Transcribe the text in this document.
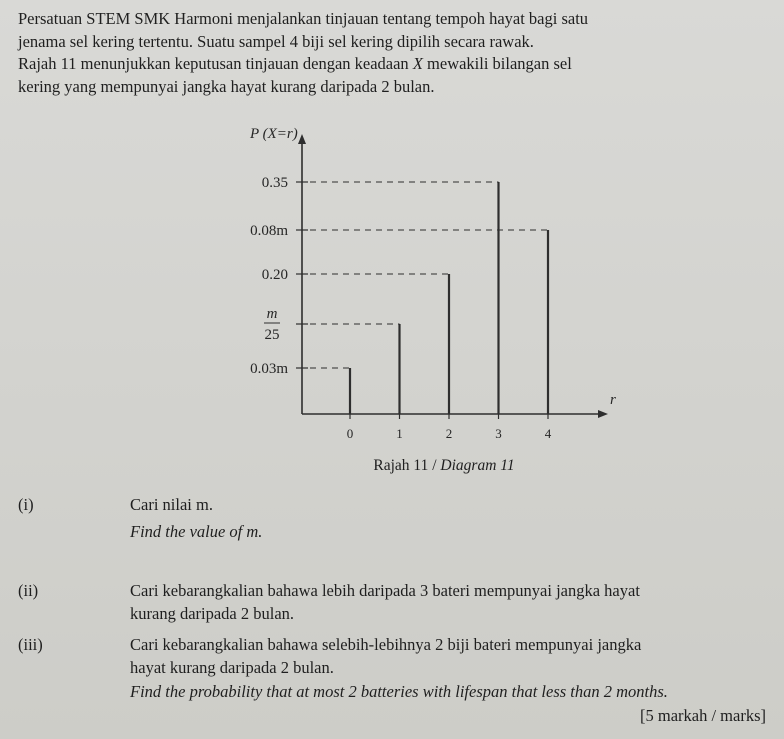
Persatuan STEM SMK Harmoni menjalankan tinjauan tentang tempoh hayat bagi satu

jenama sel kering tertentu. Suatu sampel 4 biji sel kering dipilih secara rawak.

Rajah 11 menunjukkan keputusan tinjauan dengan keadaan X mewakili bilangan sel

kering yang mempunyai jangka hayat kurang daripada 2 bulan.

P (X=r)
0.03m
m
25
0.20
0.08m
0.35
0	1	2	3	4
r
Rajah 11 / Diagram 11
(i)	Cari nilai m.
Find the value of m.
(ii)	Cari kebarangkalian bahawa lebih daripada 3 bateri mempunyai jangka hayat
kurang daripada 2 bulan.
(iii)	Cari kebarangkalian bahawa selebih-lebihnya 2 biji bateri mempunyai jangka
hayat kurang daripada 2 bulan.
Find the probability that at most 2 batteries with lifespan that less than 2 months.
[5 markah / marks]
